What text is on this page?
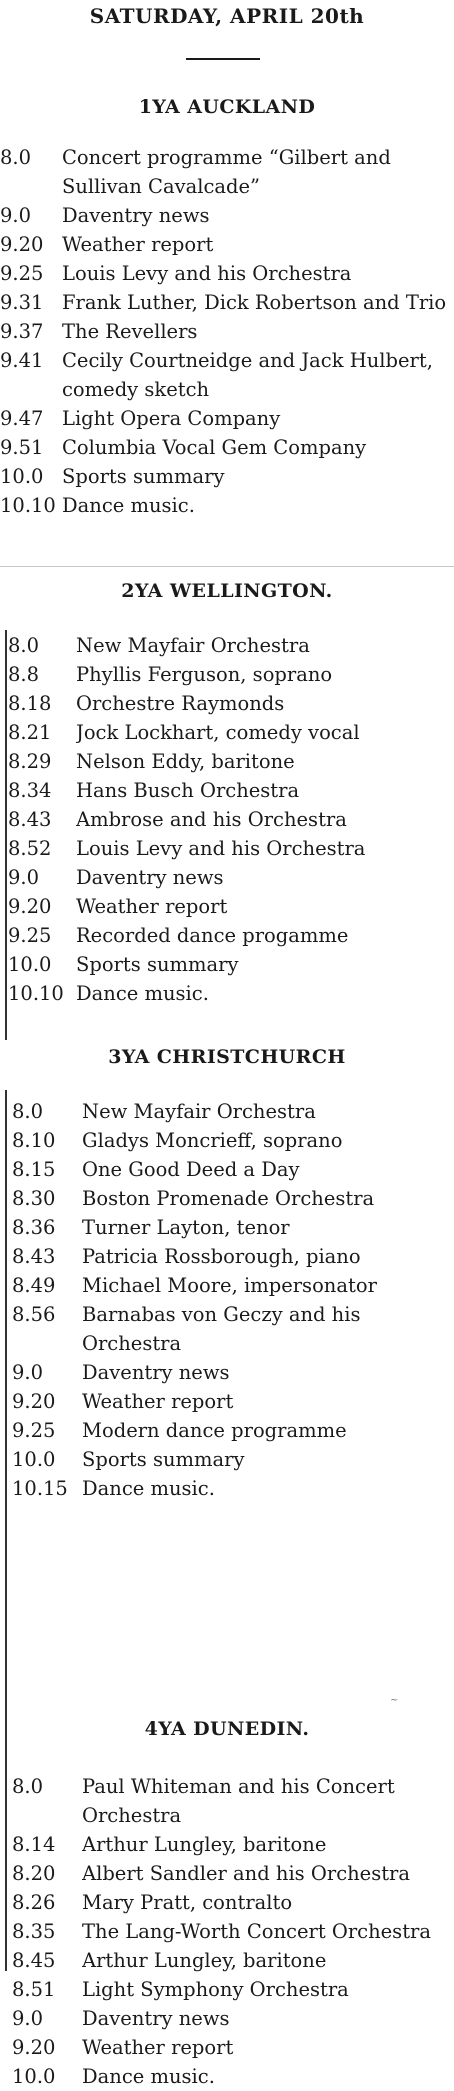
SATURDAY, APRIL 20th
1YA AUCKLAND
8.0	Concert programme “Gilbert and Sullivan Cavalcade”
9.0	Daventry news
9.20 Weather report
9.25 Louis Levy and his Orchestra
9.31 Frank Luther, Dick Robertson and Trio
9.37 The Revellers
9.41 Cecily Courtneidge and Jack Hulbert, comedy sketch
9.47 Light Opera Company
9.51 Columbia Vocal Gem Company
10.0 Sports summary
10.10 Dance music.
2YA WELLINGTON.
8.0	New Mayfair Orchestra
8.8	Phyllis Ferguson, soprano
8.18	Orchestre Raymonds
8.21	Jock Lockhart, comedy vocal
8.29	Nelson Eddy, baritone
8.34	Hans Busch Orchestra
8.43	Ambrose and his Orchestra
8.52	Louis Levy and his Orchestra
9.0	Daventry news
9.20	Weather report
9.25	Recorded dance progamme
10.0	Sports summary
10.10 Dance music.
3YA CHRISTCHURCH
8.0	New Mayfair Orchestra
8.10	Gladys Moncrieff, soprano
8.15	One Good Deed a Day
8.30	Boston Promenade Orchestra
8.36	Turner Layton, tenor
8.43	Patricia Rossborough, piano
8.49	Michael Moore, impersonator
8.56	Barnabas von Geczy and his Orchestra
9.0	Daventry news
9.20	Weather report
9.25	Modern dance programme
10.0	Sports summary
10.15 Dance music.
~
4YA DUNEDIN.
8.0	Paul Whiteman and his Concert Orchestra
8.14	Arthur Lungley, baritone
8.20	Albert Sandler and his Orchestra
8.26	Mary Pratt, contralto
8.35	The Lang-Worth Concert Orchestra
8.45	Arthur Lungley, baritone
8.51	Light Symphony Orchestra
9.0	Daventry news
9.20	Weather report
10.0	Dance music.
